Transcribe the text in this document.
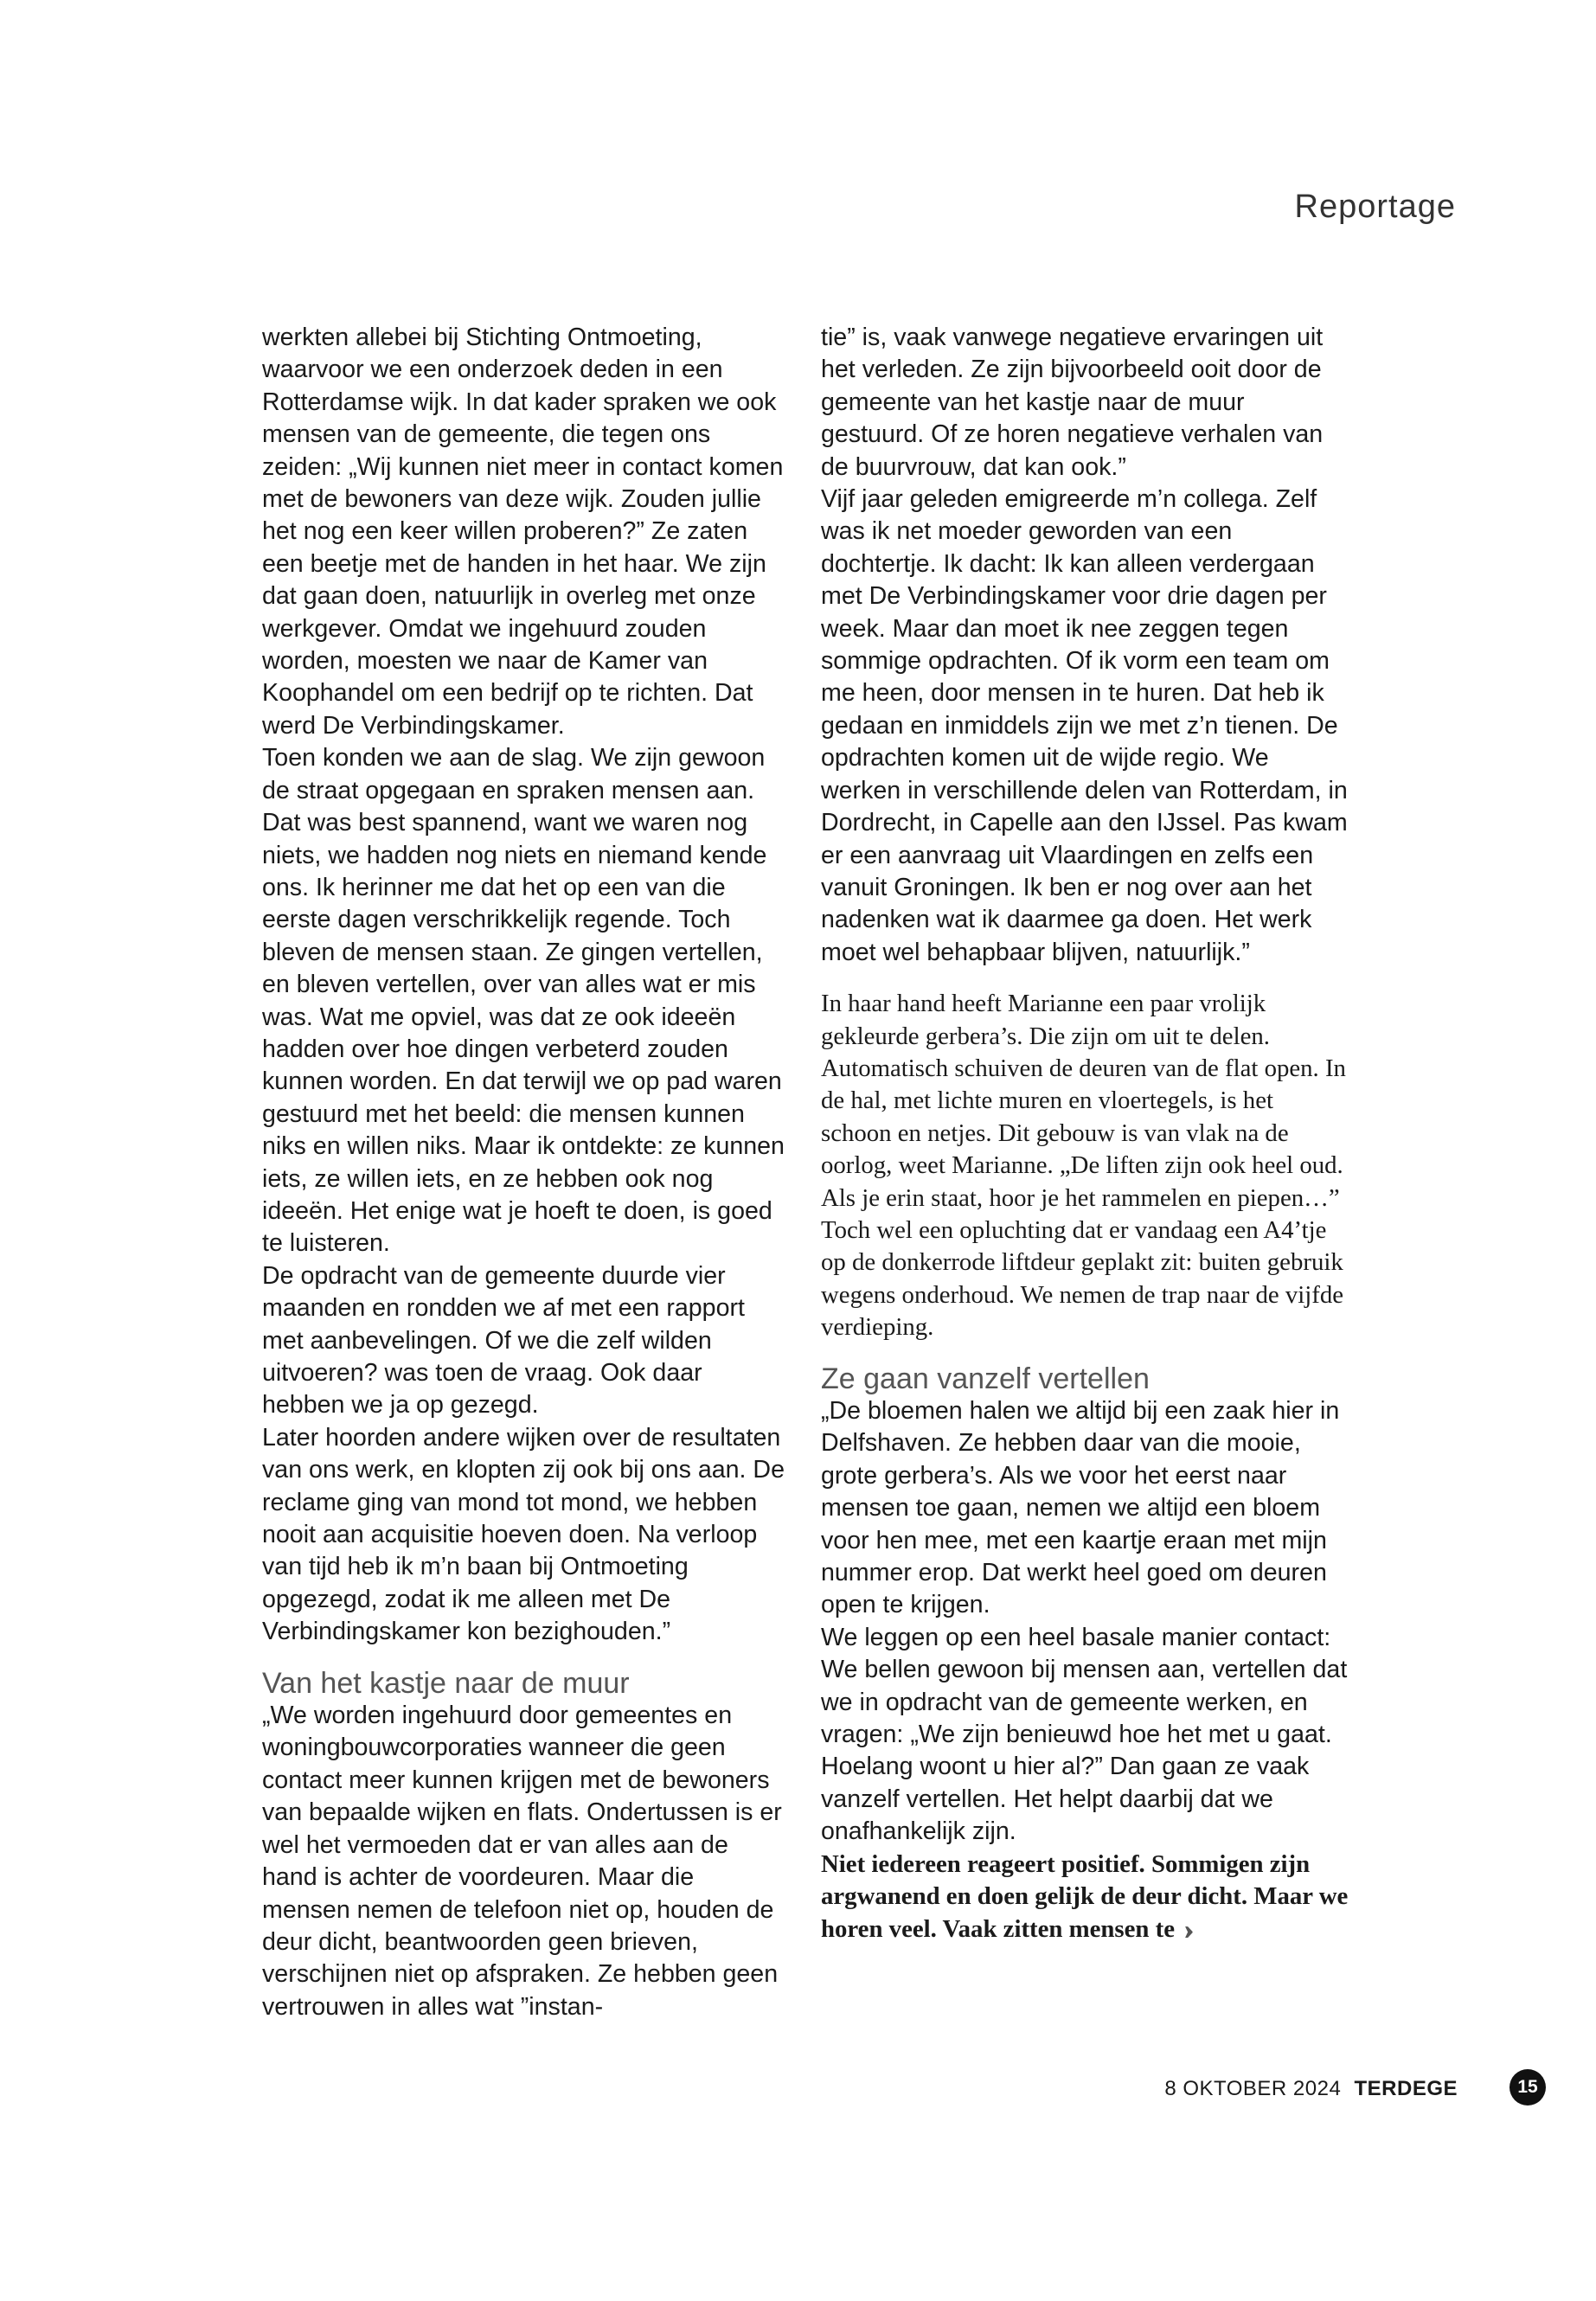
Reportage

werkten allebei bij Stichting Ontmoeting, waarvoor we een onderzoek deden in een Rotterdamse wijk. In dat kader spraken we ook mensen van de gemeente, die tegen ons zeiden: „Wij kunnen niet meer in contact komen met de bewoners van deze wijk. Zouden jullie het nog een keer willen proberen?” Ze zaten een beetje met de handen in het haar. We zijn dat gaan doen, natuurlijk in overleg met onze werkgever. Omdat we ingehuurd zouden worden, moesten we naar de Kamer van Koophandel om een bedrijf op te richten. Dat werd De Verbindingskamer.

Toen konden we aan de slag. We zijn gewoon de straat opgegaan en spraken mensen aan. Dat was best spannend, want we waren nog niets, we hadden nog niets en niemand kende ons. Ik herinner me dat het op een van die eerste dagen verschrikkelijk regende. Toch bleven de mensen staan. Ze gingen vertellen, en bleven vertellen, over van alles wat er mis was. Wat me opviel, was dat ze ook ideeën hadden over hoe dingen verbeterd zouden kunnen worden. En dat terwijl we op pad waren gestuurd met het beeld: die mensen kunnen niks en willen niks. Maar ik ontdekte: ze kunnen iets, ze willen iets, en ze hebben ook nog ideeën. Het enige wat je hoeft te doen, is goed te luisteren.

De opdracht van de gemeente duurde vier maanden en rondden we af met een rapport met aanbevelingen. Of we die zelf wilden uitvoeren? was toen de vraag. Ook daar hebben we ja op gezegd.

Later hoorden andere wijken over de resultaten van ons werk, en klopten zij ook bij ons aan. De reclame ging van mond tot mond, we hebben nooit aan acquisitie hoeven doen. Na verloop van tijd heb ik m’n baan bij Ontmoeting opgezegd, zodat ik me alleen met De Verbindingskamer kon bezighouden.”

Van het kastje naar de muur

„We worden ingehuurd door gemeentes en woningbouwcorporaties wanneer die geen contact meer kunnen krijgen met de bewoners van bepaalde wijken en flats. Ondertussen is er wel het vermoeden dat er van alles aan de hand is achter de voordeuren. Maar die mensen nemen de telefoon niet op, houden de deur dicht, beantwoorden geen brieven, verschijnen niet op afspraken. Ze hebben geen vertrouwen in alles wat ”instan-

tie” is, vaak vanwege negatieve ervaringen uit het verleden. Ze zijn bijvoorbeeld ooit door de gemeente van het kastje naar de muur gestuurd. Of ze horen negatieve verhalen van de buurvrouw, dat kan ook.”

Vijf jaar geleden emigreerde m’n collega. Zelf was ik net moeder geworden van een dochtertje. Ik dacht: Ik kan alleen verdergaan met De Verbindingskamer voor drie dagen per week. Maar dan moet ik nee zeggen tegen sommige opdrachten. Of ik vorm een team om me heen, door mensen in te huren. Dat heb ik gedaan en inmiddels zijn we met z’n tienen. De opdrachten komen uit de wijde regio. We werken in verschillende delen van Rotterdam, in Dordrecht, in Capelle aan den IJssel. Pas kwam er een aanvraag uit Vlaardingen en zelfs een vanuit Groningen. Ik ben er nog over aan het nadenken wat ik daarmee ga doen. Het werk moet wel behapbaar blijven, natuurlijk.”

In haar hand heeft Marianne een paar vrolijk gekleurde gerbera’s. Die zijn om uit te delen. Automatisch schuiven de deuren van de flat open. In de hal, met lichte muren en vloertegels, is het schoon en netjes. Dit gebouw is van vlak na de oorlog, weet Marianne. „De liften zijn ook heel oud. Als je erin staat, hoor je het rammelen en piepen…”

Toch wel een opluchting dat er vandaag een A4’tje op de donkerrode liftdeur geplakt zit: buiten gebruik wegens onderhoud. We nemen de trap naar de vijfde verdieping.

Ze gaan vanzelf vertellen

„De bloemen halen we altijd bij een zaak hier in Delfshaven. Ze hebben daar van die mooie, grote gerbera’s. Als we voor het eerst naar mensen toe gaan, nemen we altijd een bloem voor hen mee, met een kaartje eraan met mijn nummer erop. Dat werkt heel goed om deuren open te krijgen.

We leggen op een heel basale manier contact: We bellen gewoon bij mensen aan, vertellen dat we in opdracht van de gemeente werken, en vragen: „We zijn benieuwd hoe het met u gaat. Hoelang woont u hier al?” Dan gaan ze vaak vanzelf vertellen. Het helpt daarbij dat we onafhankelijk zijn.

Niet iedereen reageert positief. Sommigen zijn argwanend en doen gelijk de deur dicht. Maar we horen veel. Vaak zitten mensen te ››

8 OKTOBER 2024 TERDEGE	15
